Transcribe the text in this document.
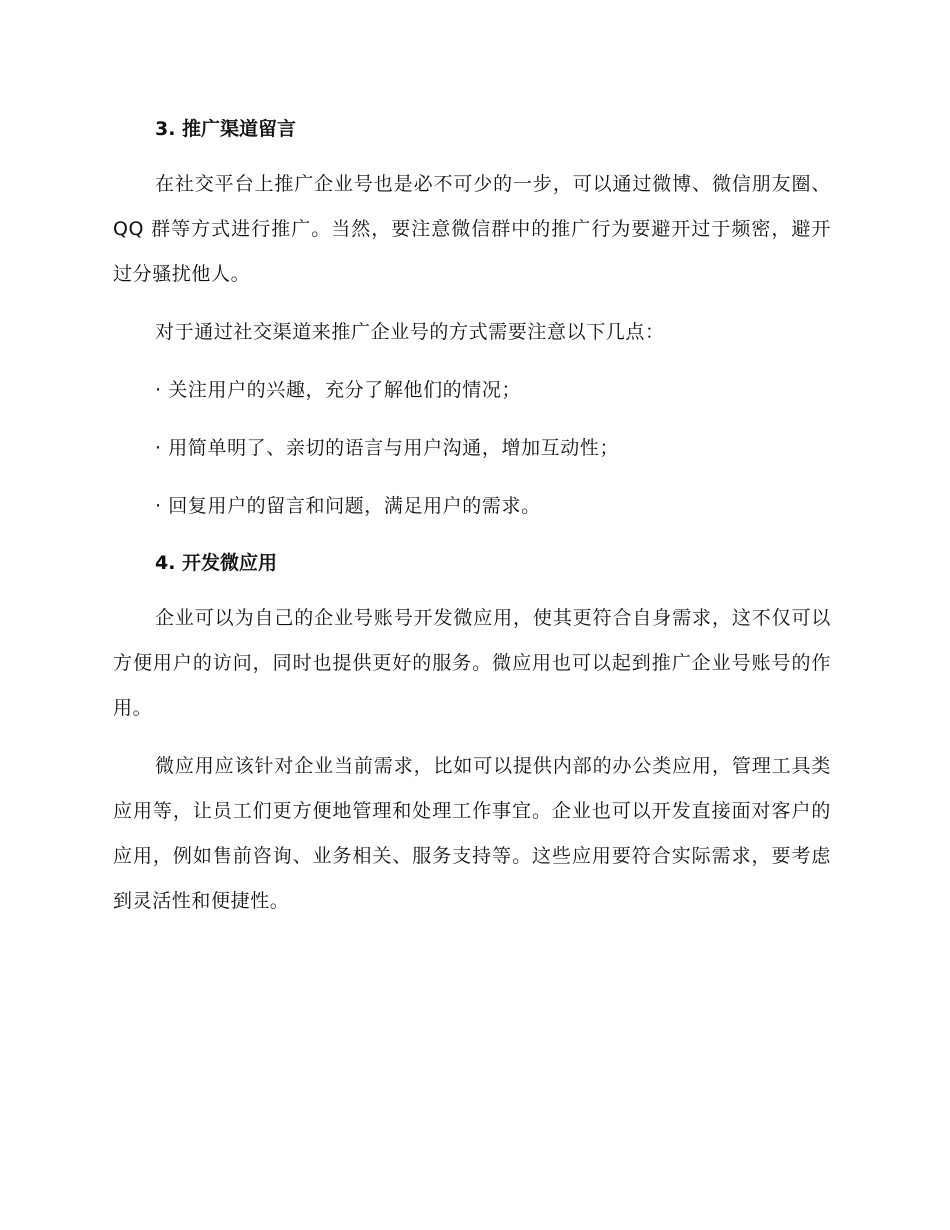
3. 推广渠道留言

在社交平台上推广企业号也是必不可少的一步，可以通过微博、微信朋友圈、QQ 群等方式进行推广。当然，要注意微信群中的推广行为要避开过于频密，避开过分骚扰他人。

对于通过社交渠道来推广企业号的方式需要注意以下几点：

· 关注用户的兴趣，充分了解他们的情况；

· 用简单明了、亲切的语言与用户沟通，增加互动性；

· 回复用户的留言和问题，满足用户的需求。

4. 开发微应用

企业可以为自己的企业号账号开发微应用，使其更符合自身需求，这不仅可以方便用户的访问，同时也提供更好的服务。微应用也可以起到推广企业号账号的作用。

微应用应该针对企业当前需求，比如可以提供内部的办公类应用，管理工具类应用等，让员工们更方便地管理和处理工作事宜。企业也可以开发直接面对客户的应用，例如售前咨询、业务相关、服务支持等。这些应用要符合实际需求，要考虑到灵活性和便捷性。
